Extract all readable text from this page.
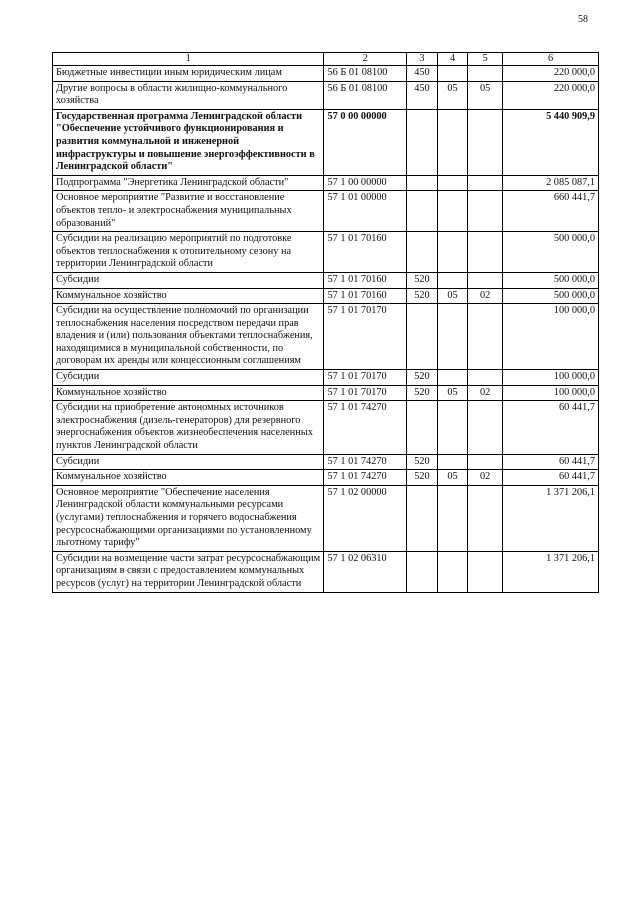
58
1	2	3	4	5	6
Бюджетные инвестиции иным юридическим лицам	56 Б 01 08100	450			220 000,0
Другие вопросы в области жилищно-коммунального хозяйства	56 Б 01 08100	450	05	05	220 000,0
Государственная программа Ленинградской области "Обеспечение устойчивого функционирования и развития коммунальной и инженерной инфраструктуры и повышение энергоэффективности в Ленинградской области"	57 0 00 00000				5 440 909,9
Подпрограмма "Энергетика Ленинградской области"	57 1 00 00000				2 085 087,1
Основное мероприятие "Развитие и восстановление объектов тепло- и электроснабжения муниципальных образований"	57 1 01 00000				660 441,7
Субсидии на реализацию мероприятий по подготовке объектов теплоснабжения к отопительному сезону на территории Ленинградской области	57 1 01 70160				500 000,0
Субсидии	57 1 01 70160	520			500 000,0
Коммунальное хозяйство	57 1 01 70160	520	05	02	500 000,0
Субсидии на осуществление полномочий по организации теплоснабжения населения посредством передачи прав владения и (или) пользования объектами теплоснабжения, находящимися в муниципальной собственности, по договорам их аренды или концессионным соглашениям	57 1 01 70170				100 000,0
Субсидии	57 1 01 70170	520			100 000,0
Коммунальное хозяйство	57 1 01 70170	520	05	02	100 000,0
Субсидии на приобретение автономных источников электроснабжения (дизель-генераторов) для резервного энергоснабжения объектов жизнеобеспечения населенных пунктов Ленинградской области	57 1 01 74270				60 441,7
Субсидии	57 1 01 74270	520			60 441,7
Коммунальное хозяйство	57 1 01 74270	520	05	02	60 441,7
Основное мероприятие "Обеспечение населения Ленинградской области коммунальными ресурсами (услугами) теплоснабжения и горячего водоснабжения ресурсоснабжающими организациями по установленному льготному тарифу"	57 1 02 00000				1 371 206,1
Субсидии на возмещение части затрат ресурсоснабжающим организациям в связи с предоставлением коммунальных ресурсов (услуг) на территории Ленинградской области	57 1 02 06310				1 371 206,1
